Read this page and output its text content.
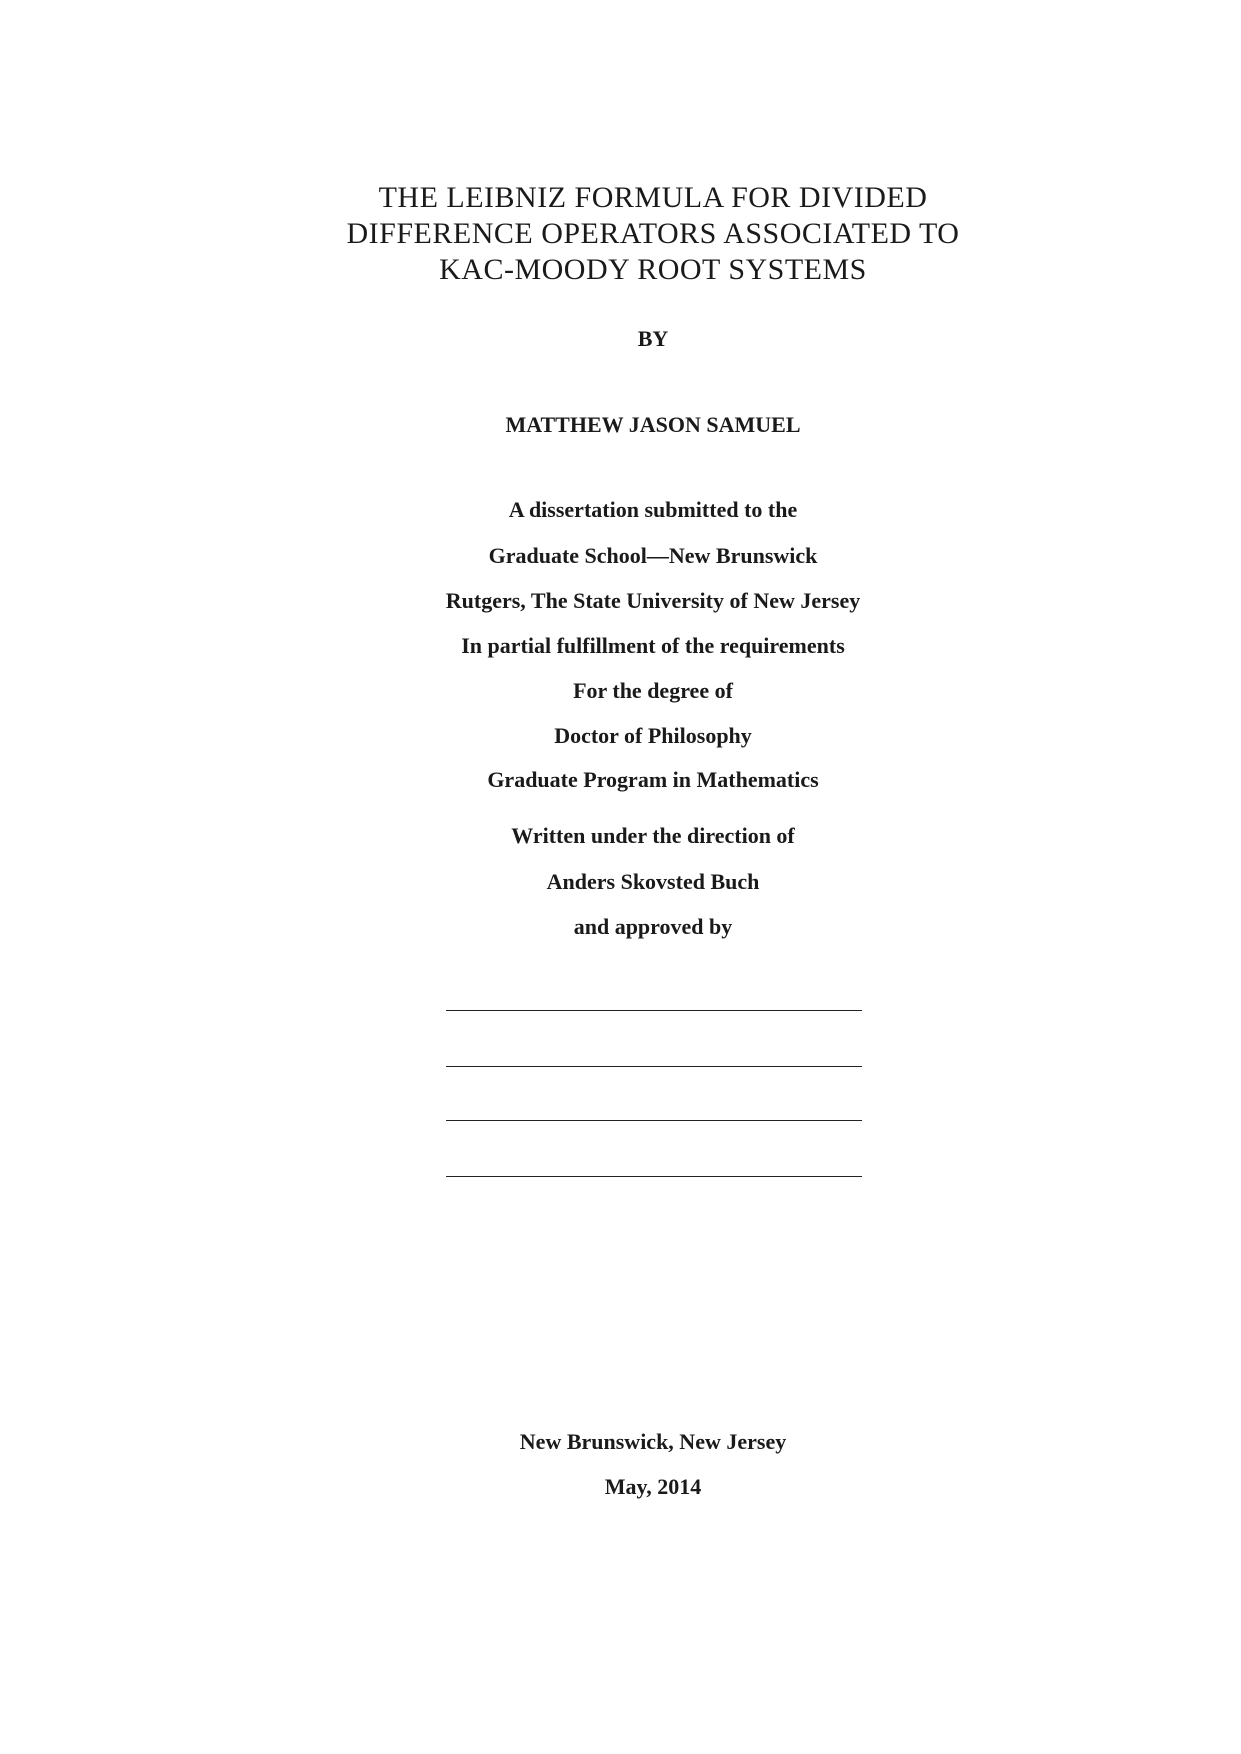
THE LEIBNIZ FORMULA FOR DIVIDED
DIFFERENCE OPERATORS ASSOCIATED TO
KAC-MOODY ROOT SYSTEMS
BY
MATTHEW JASON SAMUEL
A dissertation submitted to the
Graduate School—New Brunswick
Rutgers, The State University of New Jersey
In partial fulfillment of the requirements
For the degree of
Doctor of Philosophy
Graduate Program in Mathematics
Written under the direction of
Anders Skovsted Buch
and approved by
New Brunswick, New Jersey
May, 2014
